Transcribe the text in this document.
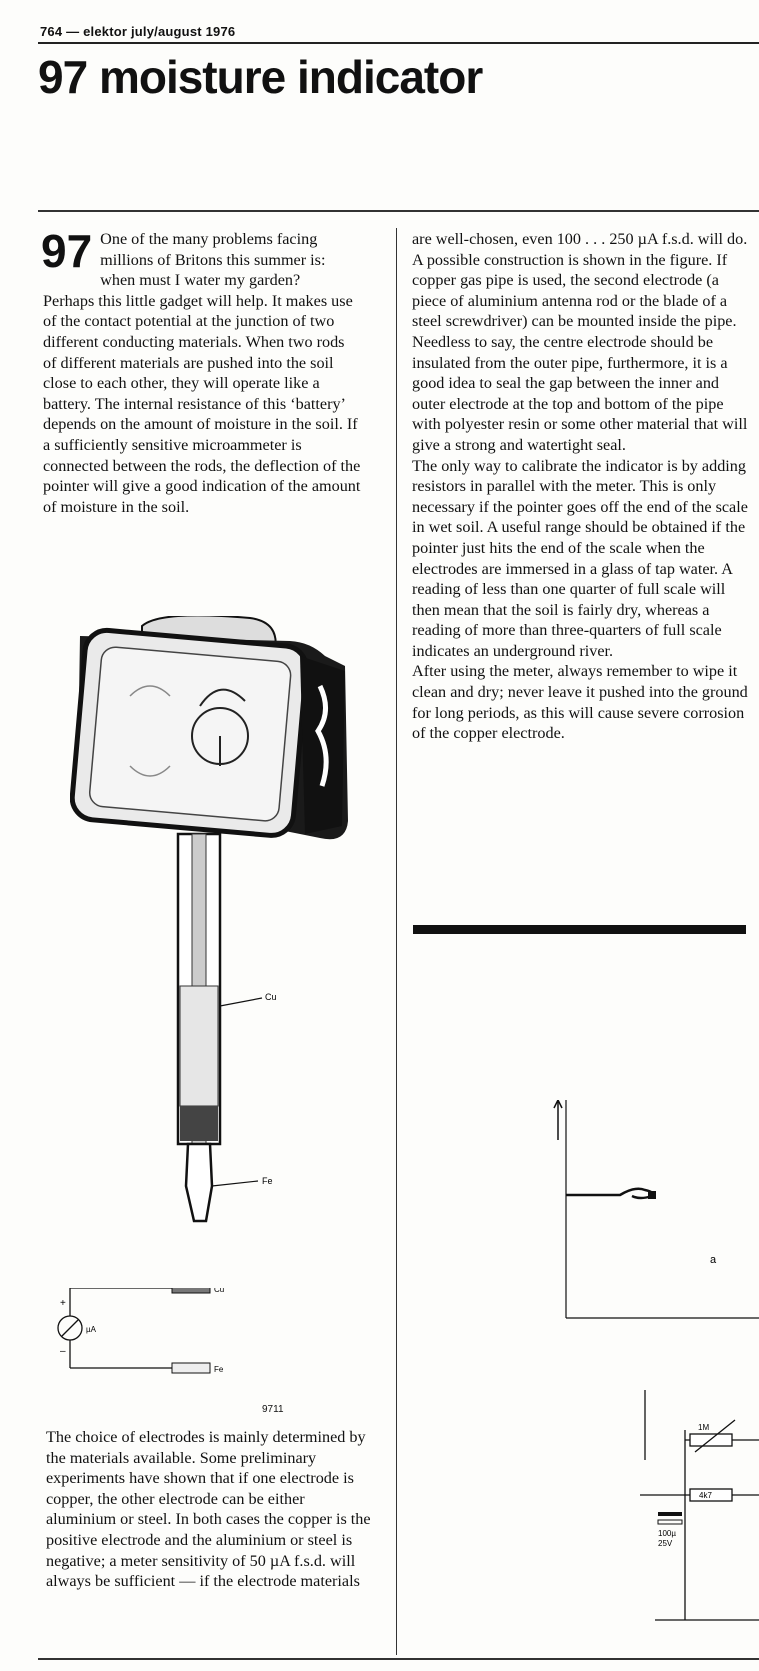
764 — elektor july/august 1976
97 moisture indicator
97 One of the many problems facing millions of Britons this summer is: when must I water my garden?

Perhaps this little gadget will help. It makes use of the contact potential at the junction of two different conducting materials. When two rods of different materials are pushed into the soil close to each other, they will operate like a battery. The internal resistance of this ‘battery’ depends on the amount of moisture in the soil. If a sufficiently sensitive microammeter is connected between the rods, the deflection of the pointer will give a good indication of the amount of moisture in the soil.

Cu
Fe
µA
+
–
Cu
Fe
9711

The choice of electrodes is mainly determined by the materials available. Some preliminary experiments have shown that if one electrode is copper, the other electrode can be either aluminium or steel. In both cases the copper is the positive electrode and the aluminium or steel is negative; a meter sensitivity of 50 µA f.s.d. will always be sufficient — if the electrode materials

are well-chosen, even 100 . . . 250 µA f.s.d. will do.

A possible construction is shown in the figure. If copper gas pipe is used, the second electrode (a piece of aluminium antenna rod or the blade of a steel screwdriver) can be mounted inside the pipe. Needless to say, the centre electrode should be insulated from the outer pipe, furthermore, it is a good idea to seal the gap between the inner and outer electrode at the top and bottom of the pipe with polyester resin or some other material that will give a strong and watertight seal.

The only way to calibrate the indicator is by adding resistors in parallel with the meter. This is only necessary if the pointer goes off the end of the scale in wet soil. A useful range should be obtained if the pointer just hits the end of the scale when the electrodes are immersed in a glass of tap water. A reading of less than one quarter of full scale will then mean that the soil is fairly dry, whereas a reading of more than three-quarters of full scale indicates an underground river.

After using the meter, always remember to wipe it clean and dry; never leave it pushed into the ground for long periods, as this will cause severe corrosion of the copper electrode.

a
1M
4k7
100µ
25V
